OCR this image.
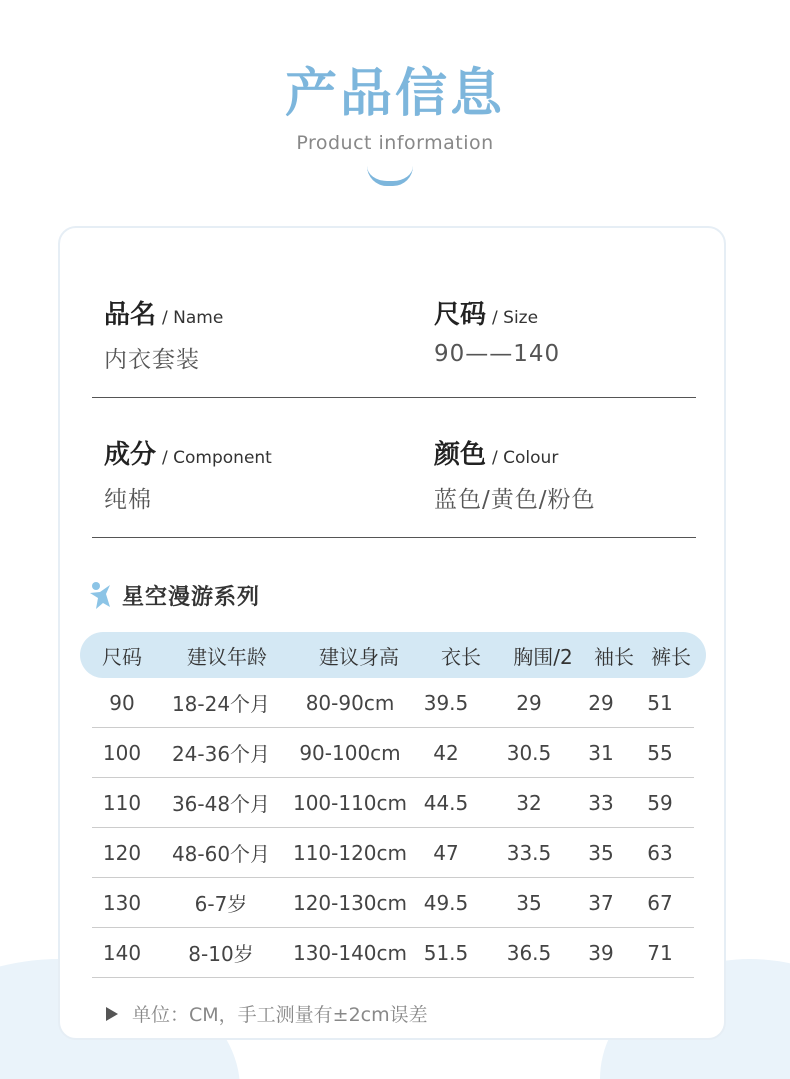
产品信息
Product information
品名 / Name
内衣套装
尺码 / Size
90——140
成分 / Component
纯棉
颜色 / Colour
蓝色/黄色/粉色
星空漫游系列
尺码	建议年龄	建议身高	衣长	胸围/2	袖长 裤长
90	18-24个月	80-90cm	39.5	29	29	51
100	24-36个月	90-100cm	42	30.5	31	55
110	36-48个月	100-110cm 44.5	32	33	59
120	48-60个月	110-120cm	47	33.5	35	63
130	6-7岁	120-130cm 49.5	35	37	67
140	8-10岁	130-140cm 51.5	36.5	39	71
单位：CM，手工测量有±2cm误差
